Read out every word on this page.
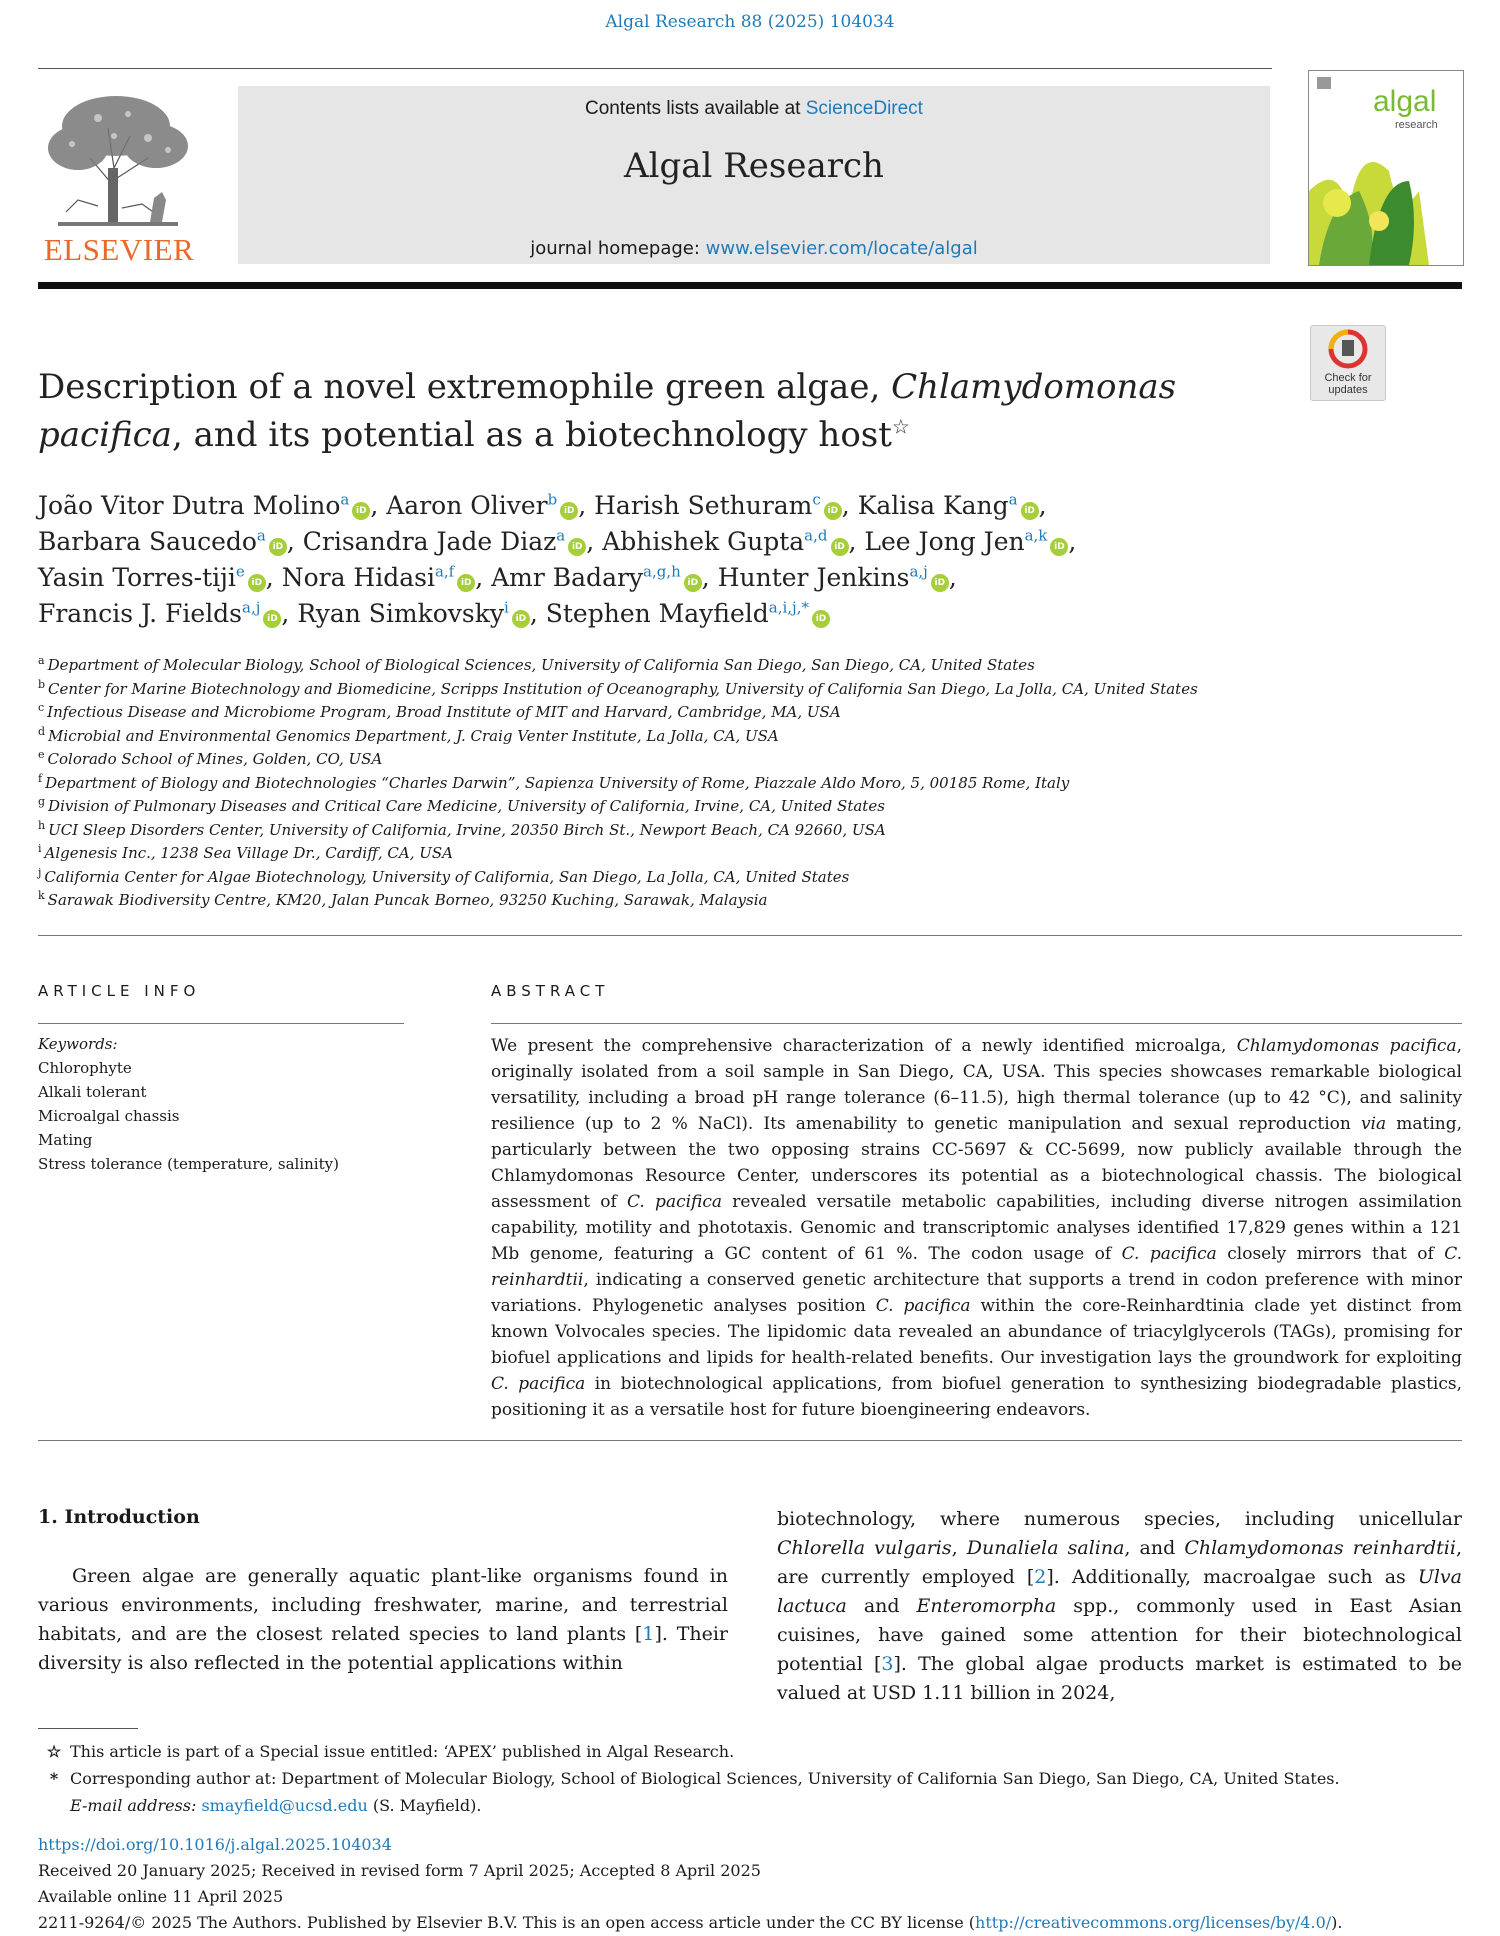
Algal Research 88 (2025) 104034
ELSEVIER
Contents lists available at ScienceDirect
Algal Research
journal homepage: www.elsevier.com/locate/algal
algal
research
Check for updates
Description of a novel extremophile green algae, Chlamydomonas pacifica, and its potential as a biotechnology host☆
João Vitor Dutra Molino$^a$iD , Aaron Oliver$^b$iD , Harish Sethuram$^c$iD , Kalisa Kang$^a$iD ,
Barbara Saucedo$^a$iD , Crisandra Jade Diaz$^a$iD , Abhishek Gupta$^{a,d}$iD , Lee Jong Jen$^{a,k}$iD ,
Yasin Torres-tiji$^e$iD , Nora Hidasi$^{a,f}$iD , Amr Badary$^{a,g,h}$iD , Hunter Jenkins$^{a,j}$iD ,
Francis J. Fields$^{a,j}$iD , Ryan Simkovsky$^i$iD , Stephen Mayfield$^{a,i,j,*}$iD
$^a$ Department of Molecular Biology, School of Biological Sciences, University of California San Diego, San Diego, CA, United States
$^b$ Center for Marine Biotechnology and Biomedicine, Scripps Institution of Oceanography, University of California San Diego, La Jolla, CA, United States
$^c$ Infectious Disease and Microbiome Program, Broad Institute of MIT and Harvard, Cambridge, MA, USA
$^d$ Microbial and Environmental Genomics Department, J. Craig Venter Institute, La Jolla, CA, USA
$^e$ Colorado School of Mines, Golden, CO, USA
$^f$ Department of Biology and Biotechnologies “Charles Darwin”, Sapienza University of Rome, Piazzale Aldo Moro, 5, 00185 Rome, Italy
$^g$ Division of Pulmonary Diseases and Critical Care Medicine, University of California, Irvine, CA, United States
$^h$ UCI Sleep Disorders Center, University of California, Irvine, 20350 Birch St., Newport Beach, CA 92660, USA
$^i$ Algenesis Inc., 1238 Sea Village Dr., Cardiff, CA, USA
$^j$ California Center for Algae Biotechnology, University of California, San Diego, La Jolla, CA, United States
$^k$ Sarawak Biodiversity Centre, KM20, Jalan Puncak Borneo, 93250 Kuching, Sarawak, Malaysia
ARTICLE INFO	ABSTRACT
Keywords:
Chlorophyte
Alkali tolerant
Microalgal chassis
Mating
Stress tolerance (temperature, salinity)
We present the comprehensive characterization of a newly identified microalga, Chlamydomonas pacifica, originally isolated from a soil sample in San Diego, CA, USA. This species showcases remarkable biological versatility, including a broad pH range tolerance (6–11.5), high thermal tolerance (up to 42 °C), and salinity resilience (up to 2 % NaCl). Its amenability to genetic manipulation and sexual reproduction via mating, particularly between the two opposing strains CC-5697 & CC-5699, now publicly available through the Chlamydomonas Resource Center, underscores its potential as a biotechnological chassis. The biological assessment of C. pacifica revealed versatile metabolic capabilities, including diverse nitrogen assimilation capability, motility and phototaxis. Genomic and transcriptomic analyses identified 17,829 genes within a 121 Mb genome, featuring a GC content of 61 %. The codon usage of C. pacifica closely mirrors that of C. reinhardtii, indicating a conserved genetic architecture that supports a trend in codon preference with minor variations. Phylogenetic analyses position C. pacifica within the core-Reinhardtinia clade yet distinct from known Volvocales species. The lipidomic data revealed an abundance of triacylglycerols (TAGs), promising for biofuel applications and lipids for health-related benefits. Our investigation lays the groundwork for exploiting C. pacifica in biotechnological applications, from biofuel generation to synthesizing biodegradable plastics, positioning it as a versatile host for future bioengineering endeavors.
1. Introduction
Green algae are generally aquatic plant-like organisms found in various environments, including freshwater, marine, and terrestrial habitats, and are the closest related species to land plants [1]. Their diversity is also reflected in the potential applications within
biotechnology, where numerous species, including unicellular Chlorella vulgaris, Dunaliela salina, and Chlamydomonas reinhardtii, are currently employed [2]. Additionally, macroalgae such as Ulva lactuca and Enteromorpha spp., commonly used in East Asian cuisines, have gained some attention for their biotechnological potential [3]. The global algae products market is estimated to be valued at USD 1.11 billion in 2024,
☆ This article is part of a Special issue entitled: ‘APEX’ published in Algal Research.
* Corresponding author at: Department of Molecular Biology, School of Biological Sciences, University of California San Diego, San Diego, CA, United States.
E-mail address: smayfield@ucsd.edu (S. Mayfield).
https://doi.org/10.1016/j.algal.2025.104034
Received 20 January 2025; Received in revised form 7 April 2025; Accepted 8 April 2025
Available online 11 April 2025
2211-9264/© 2025 The Authors. Published by Elsevier B.V. This is an open access article under the CC BY license (http://creativecommons.org/licenses/by/4.0/).
